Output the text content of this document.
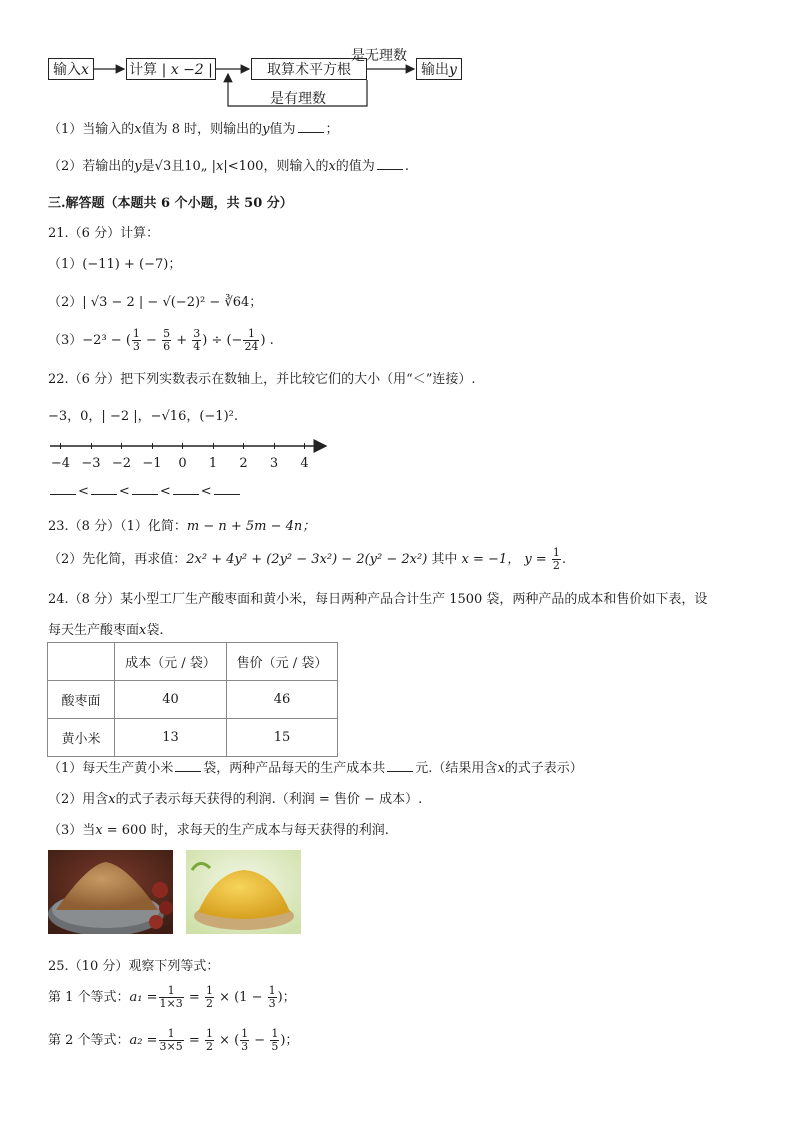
输入x	计算 | x −2 |	取算术平方根
是无理数
输出y
是有理数
（1）当输入的x值为 8 时，则输出的y值为 ；
（2）若输出的y是√3且10„ |x|<100，则输入的x的值为 .
三.解答题（本题共 6 个小题，共 50 分）
21.（6 分）计算：
（1）(−11) + (−7)；
（2）| √3 − 2 | − √(−2)² − ∛64；
（3）−2³ − ( $\frac{1}{3} - \frac{5}{6} + \frac{3}{4}$ ) ÷ (− $\frac{1}{24}$ ) .
22.（6 分）把下列实数表示在数轴上，并比较它们的大小（用“＜”连接）.
−3，0，| −2 |，−√16，(−1)².
−4 −3 −2 −1 0 1 2 3 4
< < < <
23.（8 分）（1）化简：m − n + 5m − 4n；
（2）先化简，再求值：2x² + 4y² + (2y² − 3x²) − 2(y² − 2x²) 其中 x = −1， $y = \frac{1}{2}$ .
24.（8 分）某小型工厂生产酸枣面和黄小米，每日两种产品合计生产 1500 袋，两种产品的成本和售价如下表，设
每天生产酸枣面x袋.
	成本（元 / 袋）	售价（元 / 袋）
酸枣面	40	46
黄小米	13	15
（1）每天生产黄小米 袋，两种产品每天的生产成本共 元.（结果用含x的式子表示）
（2）用含x的式子表示每天获得的利润.（利润 = 售价 − 成本）.
（3）当x = 600 时，求每天的生产成本与每天获得的利润.
25.（10 分）观察下列等式：
第 1 个等式：$a_1 = \frac{1}{1\times 3} = \frac{1}{2} \times (1 - \frac{1}{3}$ )；
第 2 个等式：$a_2 = \frac{1}{3\times 5} = \frac{1}{2}$ × ( $\frac{1}{3} - \frac{1}{5}$ )；
